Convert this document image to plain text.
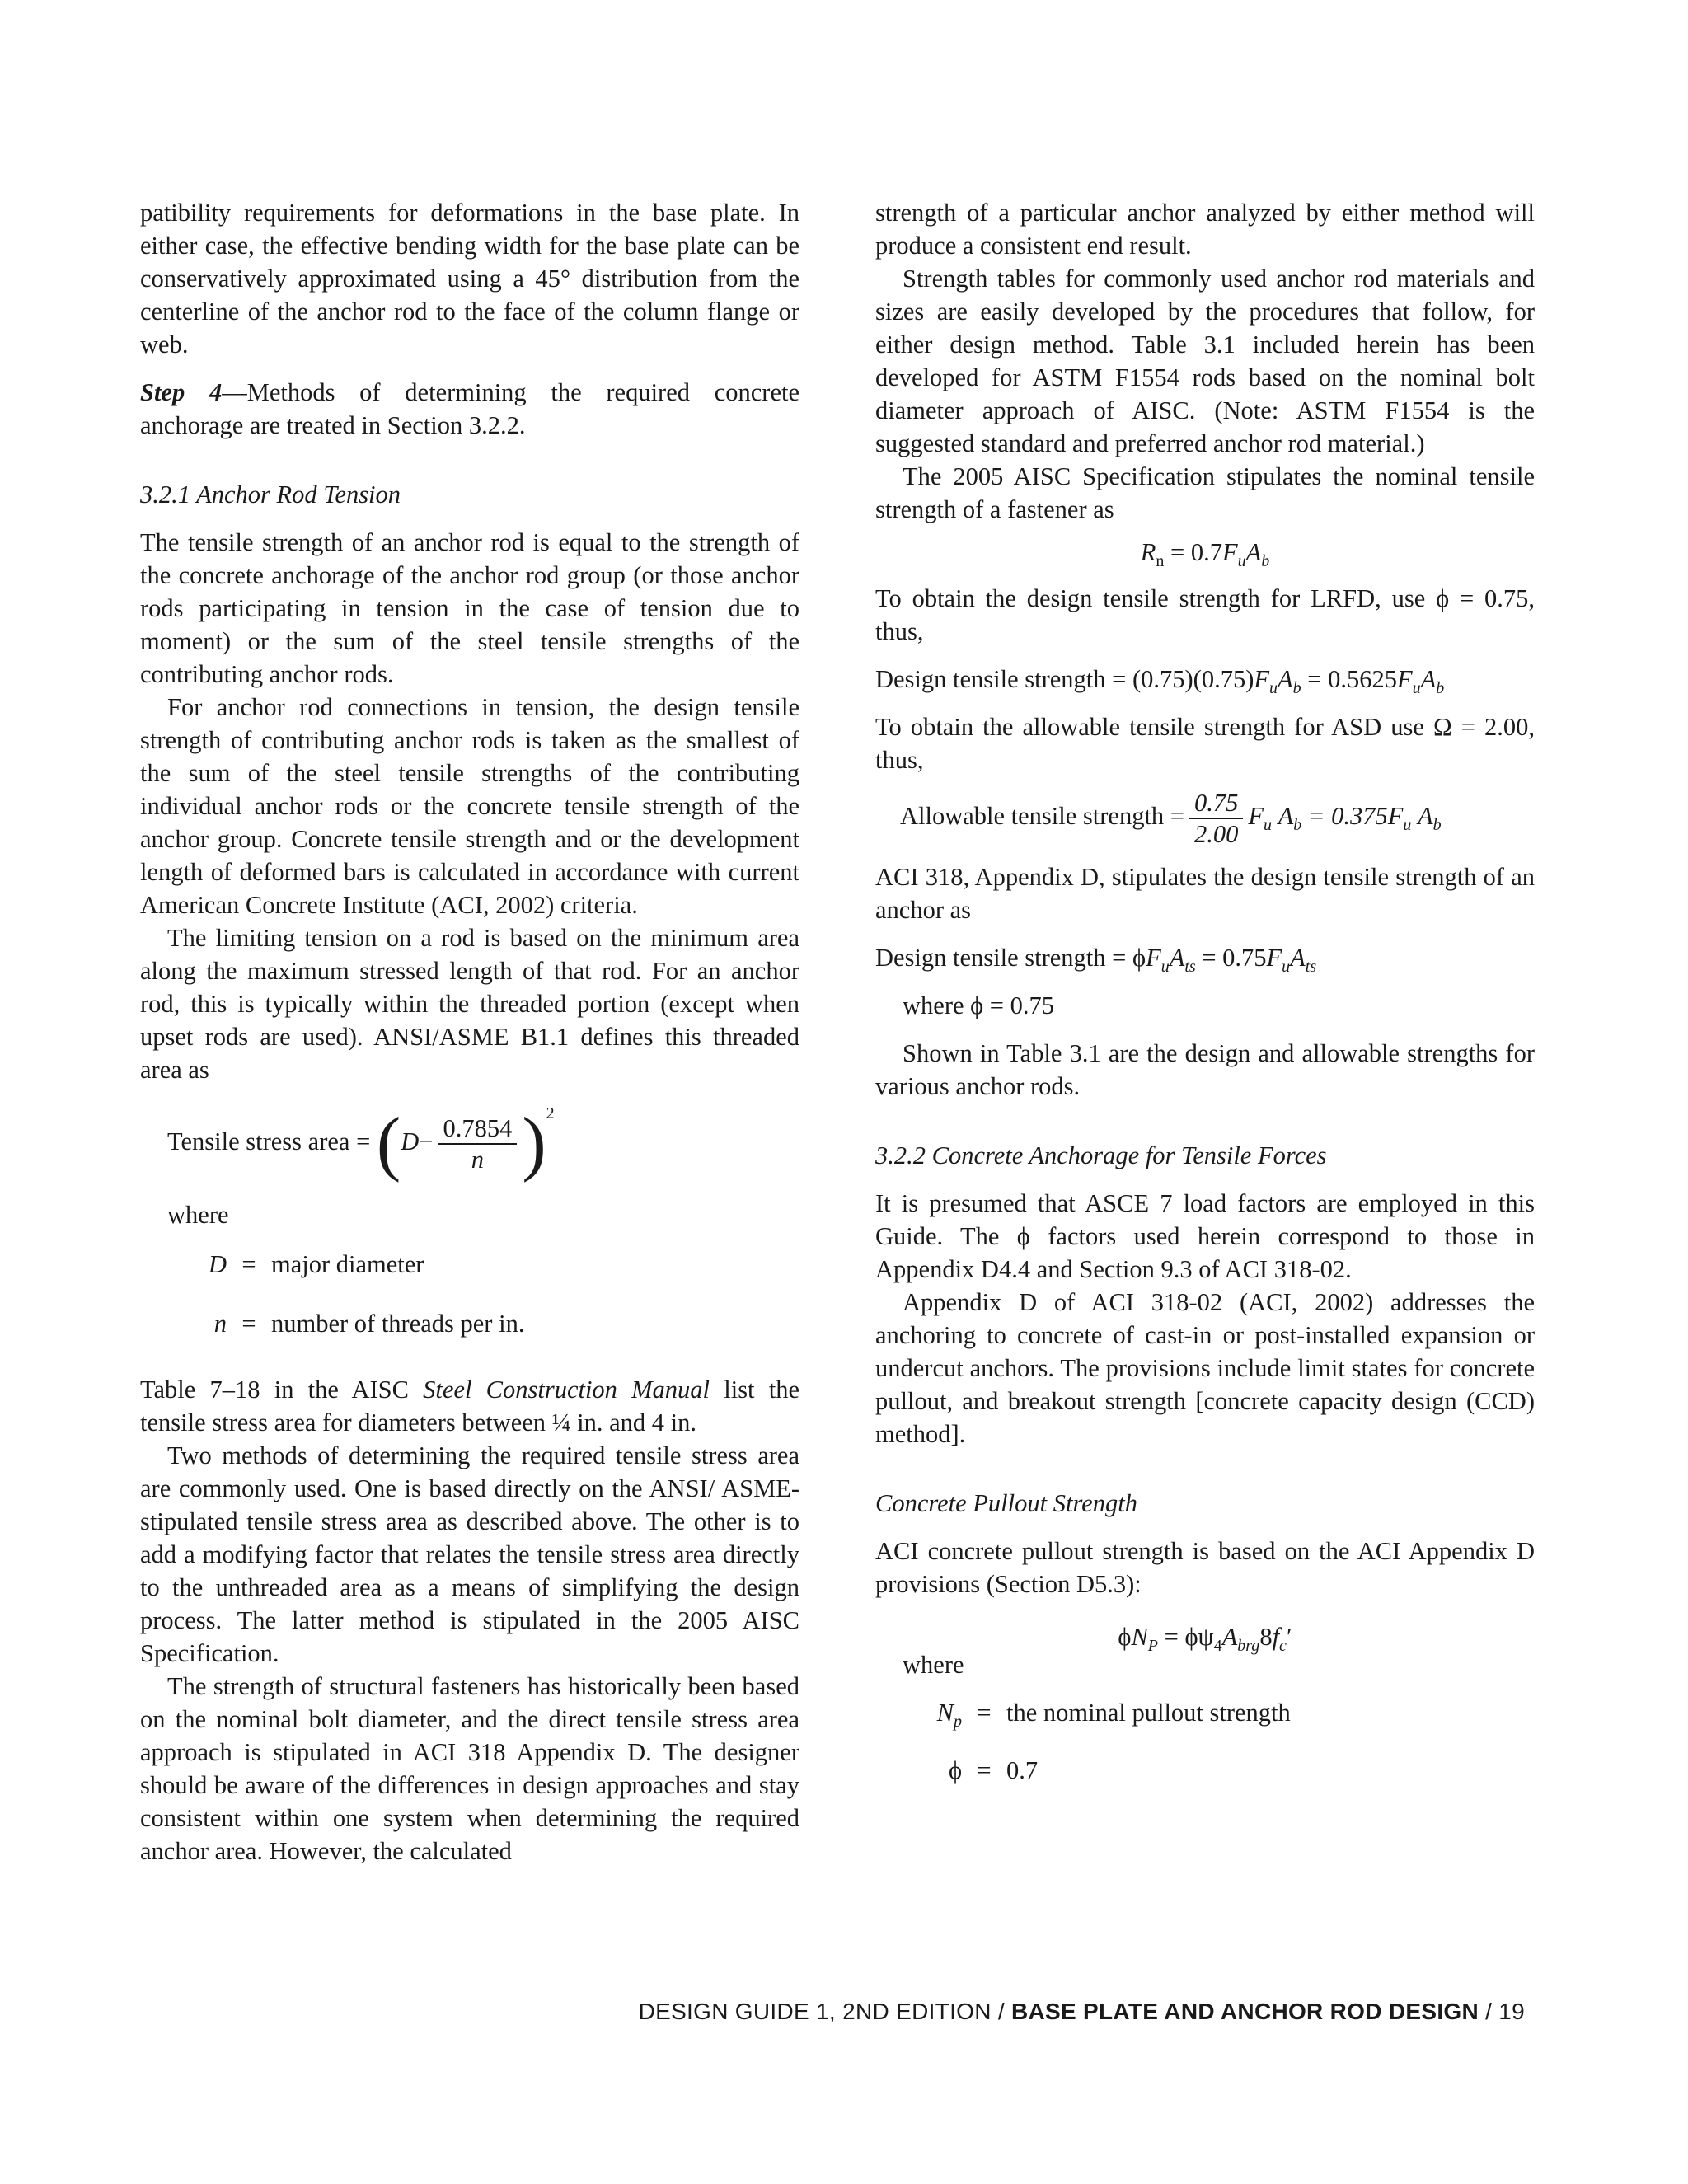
patibility requirements for deformations in the base plate. In either case, the effective bending width for the base plate can be conservatively approximated using a 45° distribution from the centerline of the anchor rod to the face of the column flange or web.

Step 4—Methods of determining the required concrete anchorage are treated in Section 3.2.2.

3.2.1 Anchor Rod Tension

The tensile strength of an anchor rod is equal to the strength of the concrete anchorage of the anchor rod group (or those anchor rods participating in tension in the case of tension due to moment) or the sum of the steel tensile strengths of the contributing anchor rods.

For anchor rod connections in tension, the design tensile strength of contributing anchor rods is taken as the smallest of the sum of the steel tensile strengths of the contributing individual anchor rods or the concrete tensile strength of the anchor group. Concrete tensile strength and or the development length of deformed bars is calculated in accordance with current American Concrete Institute (ACI, 2002) criteria.

The limiting tension on a rod is based on the minimum area along the maximum stressed length of that rod. For an anchor rod, this is typically within the threaded portion (except when upset rods are used). ANSI/ASME B1.1 defines this threaded area as

Tensile stress area = $(D- \frac{0.7854}{n} )^2$

where

D = major diameter
n = number of threads per in.

Table 7–18 in the AISC Steel Construction Manual list the tensile stress area for diameters between ¼ in. and 4 in.

Two methods of determining the required tensile stress area are commonly used. One is based directly on the ANSI/ ASME-stipulated tensile stress area as described above. The other is to add a modifying factor that relates the tensile stress area directly to the unthreaded area as a means of simplifying the design process. The latter method is stipulated in the 2005 AISC Specification.

The strength of structural fasteners has historically been based on the nominal bolt diameter, and the direct tensile stress area approach is stipulated in ACI 318 Appendix D. The designer should be aware of the differences in design approaches and stay consistent within one system when determining the required anchor area. However, the calculated

strength of a particular anchor analyzed by either method will produce a consistent end result.

Strength tables for commonly used anchor rod materials and sizes are easily developed by the procedures that follow, for either design method. Table 3.1 included herein has been developed for ASTM F1554 rods based on the nominal bolt diameter approach of AISC. (Note: ASTM F1554 is the suggested standard and preferred anchor rod material.)

The 2005 AISC Specification stipulates the nominal tensile strength of a fastener as

$R_n = 0.7F_uA_b$

To obtain the design tensile strength for LRFD, use ϕ = 0.75, thus,

Design tensile strength = $(0.75)(0.75)F_uA_b = 0.5625F_uA_b$

To obtain the allowable tensile strength for ASD use Ω = 2.00, thus,

Allowable tensile strength = $\frac{0.75}{2.00} F_u$ $A_b = 0.375F_u$ $A_b$

ACI 318, Appendix D, stipulates the design tensile strength of an anchor as

Design tensile strength = $\phi F_uA_{ts} = 0.75F_uA_{ts}$

where ϕ = 0.75

Shown in Table 3.1 are the design and allowable strengths for various anchor rods.

3.2.2 Concrete Anchorage for Tensile Forces

It is presumed that ASCE 7 load factors are employed in this Guide. The ϕ factors used herein correspond to those in Appendix D4.4 and Section 9.3 of ACI 318-02.

Appendix D of ACI 318-02 (ACI, 2002) addresses the anchoring to concrete of cast-in or post-installed expansion or undercut anchors. The provisions include limit states for concrete pullout, and breakout strength [concrete capacity design (CCD) method].

Concrete Pullout Strength

ACI concrete pullout strength is based on the ACI Appendix D provisions (Section D5.3):

$\phi N_P = \phi\psi_4A_{brg}8f_c'$

where

$N_p$ = the nominal pullout strength
ϕ = 0.7
DESIGN GUIDE 1, 2ND EDITION / BASE PLATE AND ANCHOR ROD DESIGN / 19
